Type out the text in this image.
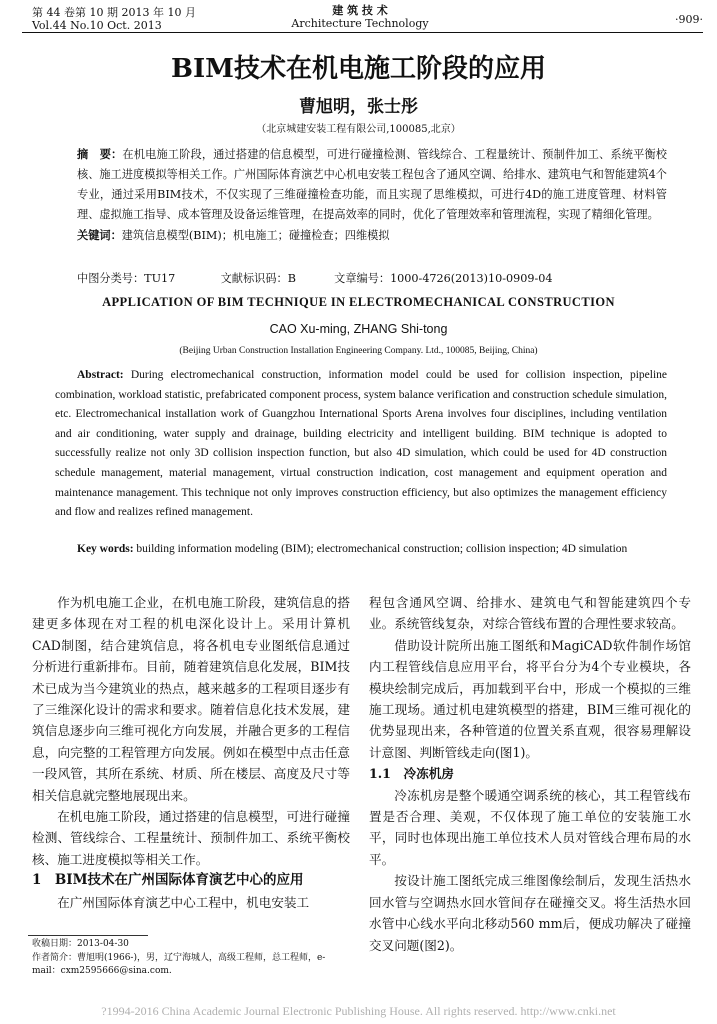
第 44 卷第 10 期 2013 年 10 月
Vol.44 No.10 Oct. 2013
建 筑 技 术
Architecture Technology	·909·
BIM技术在机电施工阶段的应用
曹旭明，张士彤
（北京城建安装工程有限公司,100085,北京）
摘　要：在机电施工阶段，通过搭建的信息模型，可进行碰撞检测、管线综合、工程量统计、预制件加工、系统平衡校核、施工进度模拟等相关工作。广州国际体育演艺中心机电安装工程包含了通风空调、给排水、建筑电气和智能建筑4个专业，通过采用BIM技术，不仅实现了三维碰撞检查功能，而且实现了思维模拟，可进行4D的施工进度管理、材料管理、虚拟施工指导、成本管理及设备运维管理，在提高效率的同时，优化了管理效率和管理流程，实现了精细化管理。
关键词：建筑信息模型(BIM)；机电施工；碰撞检查；四维模拟
中图分类号：TU17	文献标识码：B	文章编号：1000-4726(2013)10-0909-04
APPLICATION OF BIM TECHNIQUE IN ELECTROMECHANICAL CONSTRUCTION
CAO Xu-ming, ZHANG Shi-tong
(Beijing Urban Construction Installation Engineering Company. Ltd., 100085, Beijing, China)
Abstract: During electromechanical construction, information model could be used for collision inspection, pipeline combination, workload statistic, prefabricated component process, system balance verification and construction schedule simulation, etc. Electromechanical installation work of Guangzhou International Sports Arena involves four disciplines, including ventilation and air conditioning, water supply and drainage, building electricity and intelligent building. BIM technique is adopted to successfully realize not only 3D collision inspection function, but also 4D simulation, which could be used for 4D construction schedule management, material management, virtual construction indication, cost management and equipment operation and maintenance management. This technique not only improves construction efficiency, but also optimizes the management efficiency and flow and realizes refined management.
Key words: building information modeling (BIM); electromechanical construction; collision inspection; 4D simulation

作为机电施工企业，在机电施工阶段，建筑信息的搭建更多体现在对工程的机电深化设计上。采用计算机CAD制图，结合建筑信息，将各机电专业图纸信息通过分析进行重新排布。目前，随着建筑信息化发展，BIM技术已成为当今建筑业的热点，越来越多的工程项目逐步有了三维深化设计的需求和要求。随着信息化技术发展，建筑信息逐步向三维可视化方向发展，并融合更多的工程信息，向完整的工程管理方向发展。例如在模型中点击任意一段风管，其所在系统、材质、所在楼层、高度及尺寸等相关信息就完整地展现出来。

在机电施工阶段，通过搭建的信息模型，可进行碰撞检测、管线综合、工程量统计、预制件加工、系统平衡校核、施工进度模拟等相关工作。

1　BIM技术在广州国际体育演艺中心的应用

在广州国际体育演艺中心工程中，机电安装工

程包含通风空调、给排水、建筑电气和智能建筑四个专业。系统管线复杂，对综合管线布置的合理性要求较高。

借助设计院所出施工图纸和MagiCAD软件制作场馆内工程管线信息应用平台，将平台分为4个专业模块，各模块绘制完成后，再加载到平台中，形成一个模拟的三维施工现场。通过机电建筑模型的搭建，BIM三维可视化的优势显现出来，各种管道的位置关系直观，很容易理解设计意图、判断管线走向(图1)。

1.1　冷冻机房

冷冻机房是整个暖通空调系统的核心，其工程管线布置是否合理、美观，不仅体现了施工单位的安装施工水平，同时也体现出施工单位技术人员对管线合理布局的水平。

按设计施工图纸完成三维图像绘制后，发现生活热水回水管与空调热水回水管间存在碰撞交叉。将生活热水回水管中心线水平向北移动560 mm后，便成功解决了碰撞交叉问题(图2)。

收稿日期：2013-04-30
作者简介：曹旭明(1966-)，男，辽宁海城人，高级工程师，总工程师，e-mail：cxm2595666@sina.com.
?1994-2016 China Academic Journal Electronic Publishing House. All rights reserved. http://www.cnki.net
